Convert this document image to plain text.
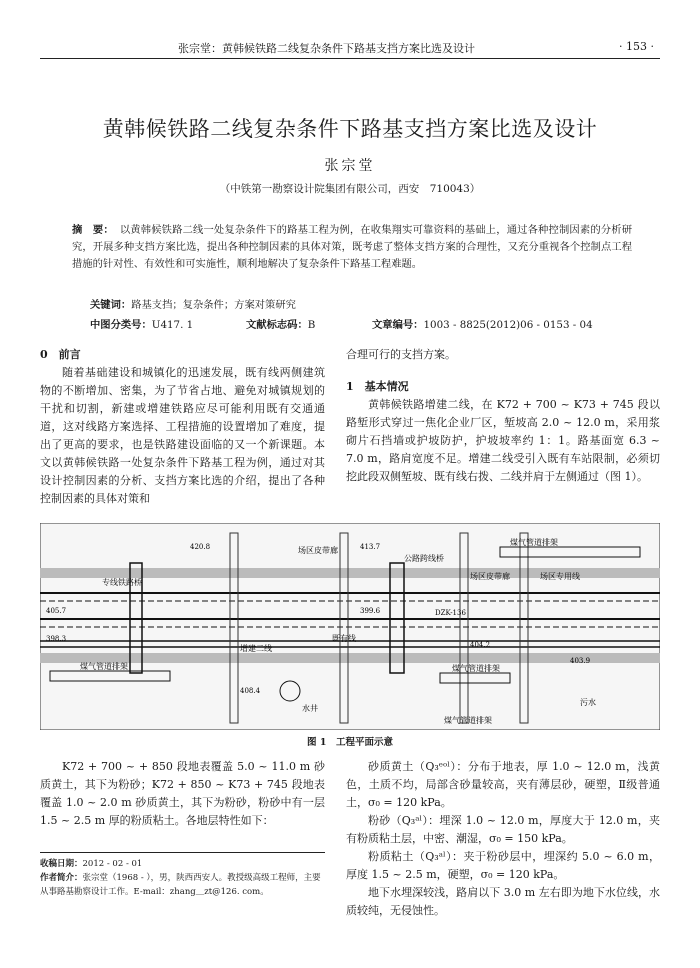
张宗堂：黄韩候铁路二线复杂条件下路基支挡方案比选及设计	· 153 ·
黄韩候铁路二线复杂条件下路基支挡方案比选及设计
张宗堂
（中铁第一勘察设计院集团有限公司，西安　710043）
摘　要： 以黄韩候铁路二线一处复杂条件下的路基工程为例，在收集翔实可靠资料的基础上，通过各种控制因素的分析研究，开展多种支挡方案比选，提出各种控制因素的具体对策，既考虑了整体支挡方案的合理性，又充分重视各个控制点工程措施的针对性、有效性和可实施性，顺利地解决了复杂条件下路基工程难题。
关键词：路基支挡；复杂条件；方案对策研究
中图分类号：U417. 1	文献标志码：B	文章编号：1003 - 8825(2012)06 - 0153 - 04
0　前言

随着基础建设和城镇化的迅速发展，既有线两侧建筑物的不断增加、密集，为了节省占地、避免对城镇规划的干扰和切割，新建或增建铁路应尽可能利用既有交通通道，这对线路方案选择、工程措施的设置增加了难度，提出了更高的要求，也是铁路建设面临的又一个新课题。本文以黄韩候铁路一处复杂条件下路基工程为例，通过对其设计控制因素的分析、支挡方案比选的介绍，提出了各种控制因素的具体对策和

合理可行的支挡方案。
1　基本情况

黄韩候铁路增建二线，在 K72 + 700 ~ K73 + 745 段以路堑形式穿过一焦化企业厂区，堑坡高 2.0 ~ 12.0 m，采用浆砌片石挡墙或护坡防护，护坡坡率约 1：1。路基面宽 6.3 ~ 7.0 m，路肩宽度不足。增建二线受引入既有车站限制，必须切挖此段双侧堑坡、既有线右拨、二线并肩于左侧通过（图 1）。

煤气管道排架
专线铁路桥
公路跨线桥
场区皮带廊
场区皮带廊	场区专用线
既有线
增建二线
DZK-136
煤气管道排架	煤气管道排架
煤气管道排架
污水
水井
420.8
405.7
398.3
404.2
403.9
413.7
399.6
408.4
图 1　工程平面示意

K72 + 700 ~ + 850 段地表覆盖 5.0 ~ 11.0 m 砂质黄土，其下为粉砂；K72 + 850 ~ K73 + 745 段地表覆盖 1.0 ~ 2.0 m 砂质黄土，其下为粉砂，粉砂中有一层 1.5 ~ 2.5 m 厚的粉质粘土。各地层特性如下：

砂质黄土（Q₃ᵉᵒˡ）：分布于地表，厚 1.0 ~ 12.0 m，浅黄色，土质不均，局部含砂量较高，夹有薄层砂，硬塑，Ⅱ级普通土，σ₀ = 120 kPa。

粉砂（Q₃ᵃˡ）：埋深 1.0 ~ 12.0 m，厚度大于 12.0 m，夹有粉质粘土层，中密、潮湿，σ₀ = 150 kPa。

粉质粘土（Q₃ᵃˡ）：夹于粉砂层中，埋深约 5.0 ~ 6.0 m，厚度 1.5 ~ 2.5 m，硬塑，σ₀ = 120 kPa。

地下水埋深较浅，路肩以下 3.0 m 左右即为地下水位线，水质较纯，无侵蚀性。

收稿日期：2012 - 02 - 01
作者简介：张宗堂（1968 - ），男，陕西西安人。教授级高级工程师，主要从事路基勘察设计工作。E-mail：zhang＿zt@126. com。
